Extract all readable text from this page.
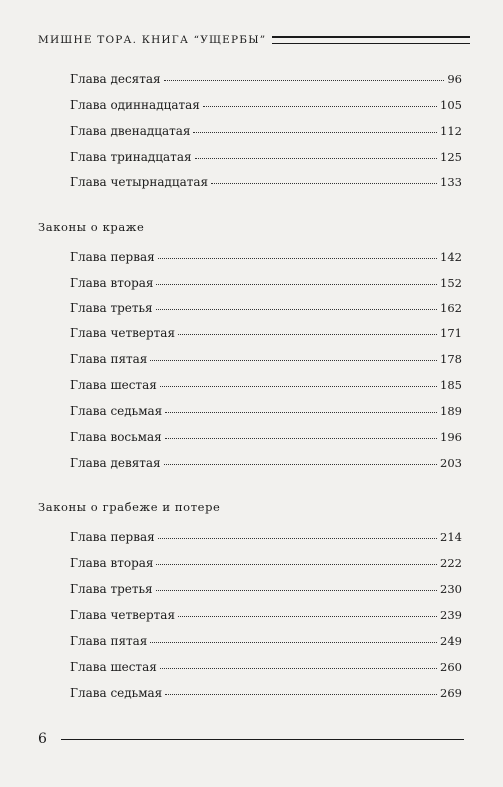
МИШНЕ ТОРА. КНИГА “УЩЕРБЫ”
Глава десятая	96
Глава одиннадцатая	105
Глава двенадцатая	112
Глава тринадцатая	125
Глава четырнадцатая	133
Законы о краже
Глава первая	142
Глава вторая	152
Глава третья	162
Глава четвертая	171
Глава пятая	178
Глава шестая	185
Глава седьмая	189
Глава восьмая	196
Глава девятая	203
Законы о грабеже и потере
Глава первая	214
Глава вторая	222
Глава третья	230
Глава четвертая	239
Глава пятая	249
Глава шестая	260
Глава седьмая	269
6
